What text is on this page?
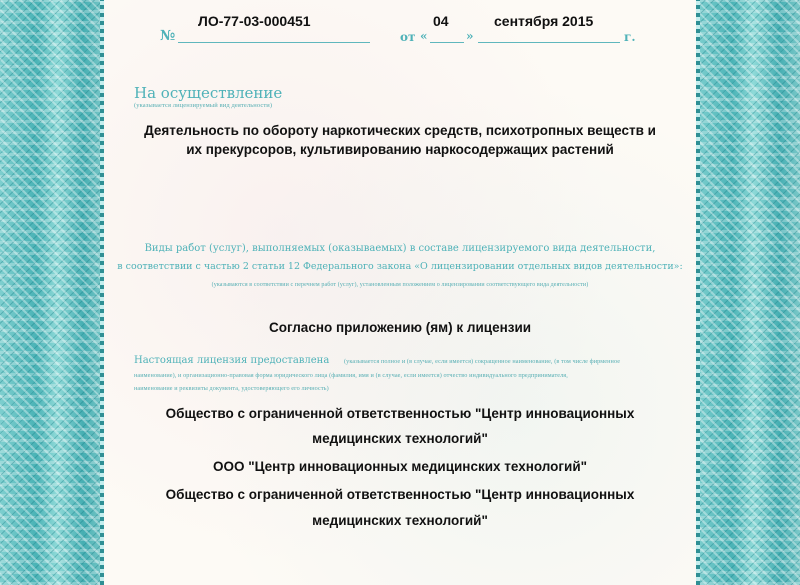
№
ЛО-77-03-000451
от «
04
»
сентября 2015
г.
На осуществление
(указывается лицензируемый вид деятельности)
Деятельность по обороту наркотических средств, психотропных веществ и
их прекурсоров, культивированию наркосодержащих растений
Виды работ (услуг), выполняемых (оказываемых) в составе лицензируемого вида деятельности,
в соответствии с частью 2 статьи 12 Федерального закона «О лицензировании отдельных видов деятельности»:
(указываются в соответствии с перечнем работ (услуг), установленным положением о лицензировании соответствующего вида деятельности)
Согласно приложению (ям) к лицензии
Настоящая лицензия предоставлена (указывается полное и (в случае, если имеется) сокращенное наименование, (в том числе фирменное
наименование), и организационно-правовая форма юридического лица (фамилия, имя и (в случае, если имеется) отчество индивидуального предпринимателя,
наименование и реквизиты документа, удостоверяющего его личность)
Общество с ограниченной ответственностью "Центр инновационных
медицинских технологий"
ООО "Центр инновационных медицинских технологий"
Общество с ограниченной ответственностью "Центр инновационных
медицинских технологий"
